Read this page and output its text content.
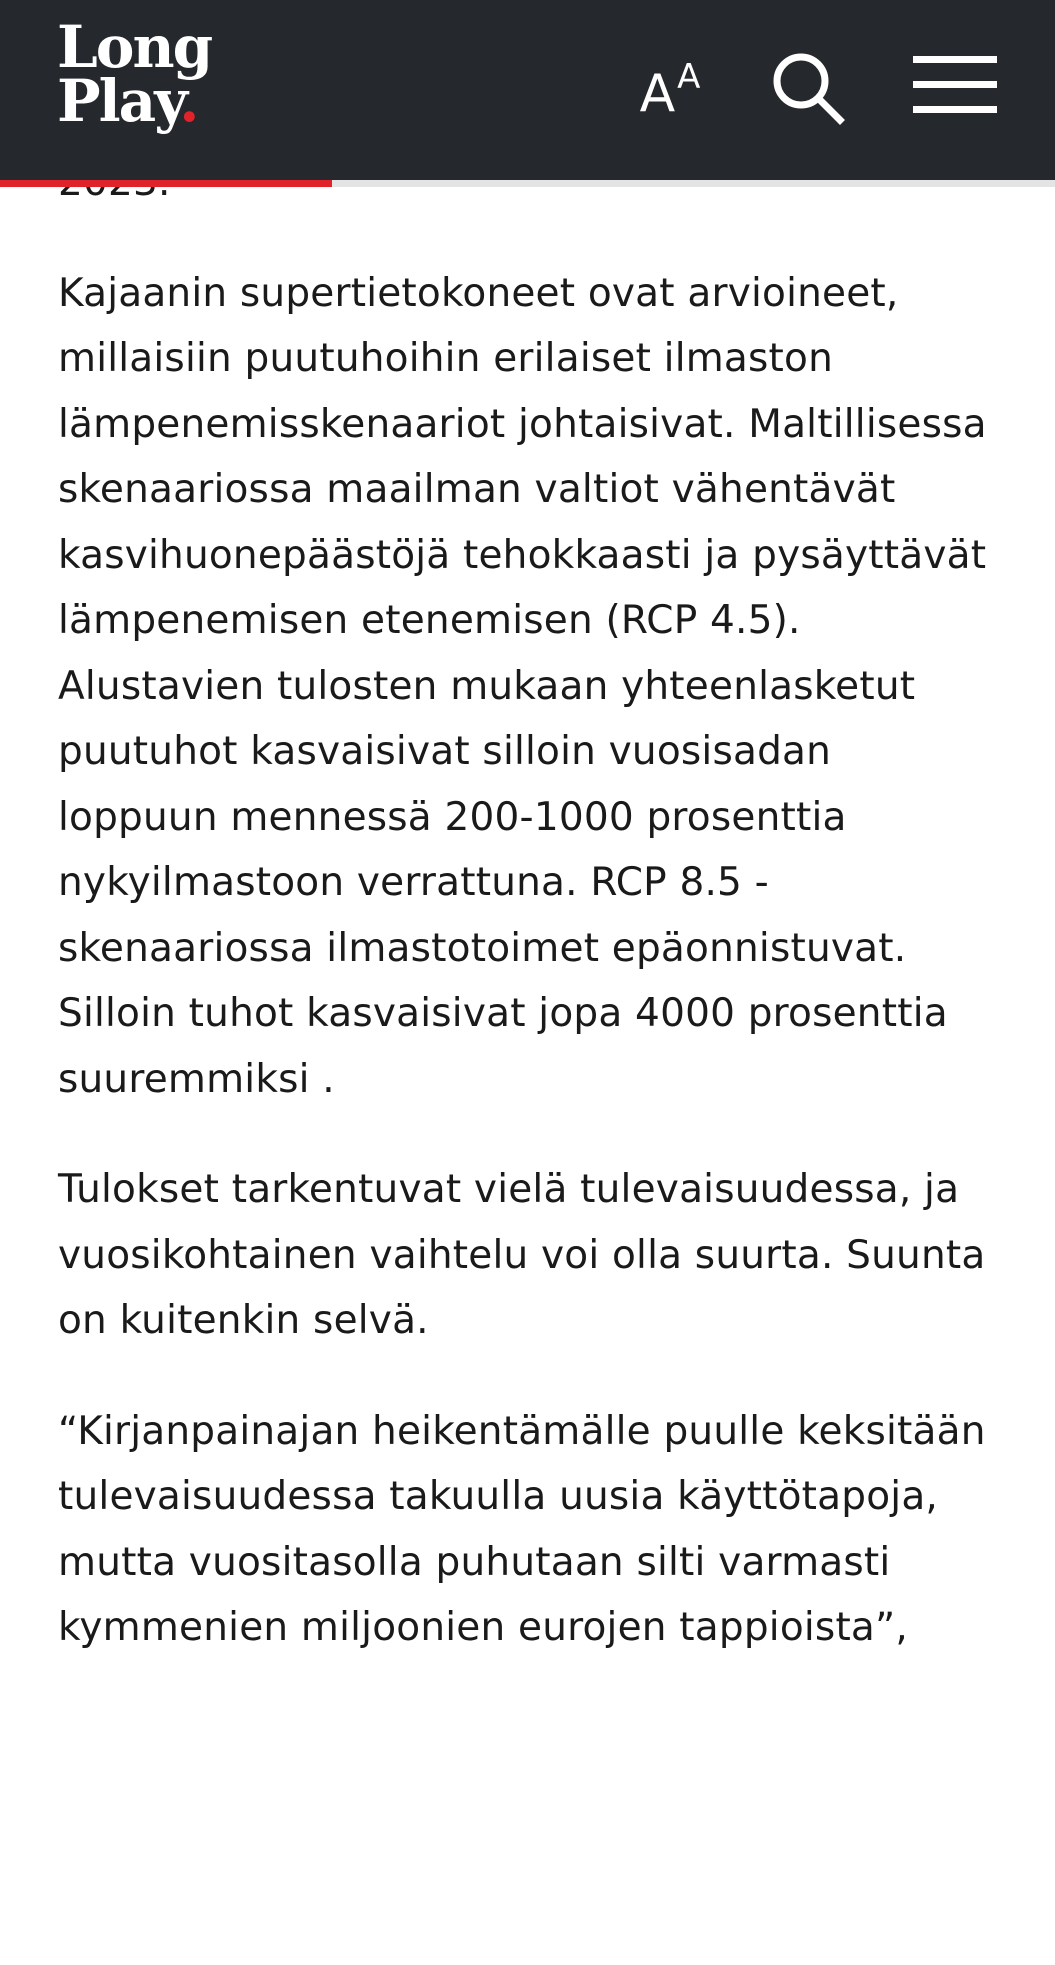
Long
Play.	A A

Kajaanin supertietokoneet ovat arvioineet, millaisiin puutuhoihin erilaiset ilmaston lämpenemisskenaariot johtaisivat. Maltillisessa skenaariossa maailman valtiot vähentävät kasvihuonepäästöjä tehokkaasti ja pysäyttävät lämpenemisen etenemisen (RCP 4.5). Alustavien tulosten mukaan yhteenlasketut puutuhot kasvaisivat silloin vuosisadan loppuun mennessä 200-1000 prosenttia nykyilmastoon verrattuna. RCP 8.5 -skenaariossa ilmastotoimet epäonnistuvat. Silloin tuhot kasvaisivat jopa 4000 prosenttia suuremmiksi .

Tulokset tarkentuvat vielä tulevaisuudessa, ja vuosikohtainen vaihtelu voi olla suurta. Suunta on kuitenkin selvä.

“Kirjanpainajan heikentämälle puulle keksitään tulevaisuudessa takuulla uusia käyttötapoja, mutta vuositasolla puhutaan silti varmasti kymmenien miljoonien eurojen tappioista”,
